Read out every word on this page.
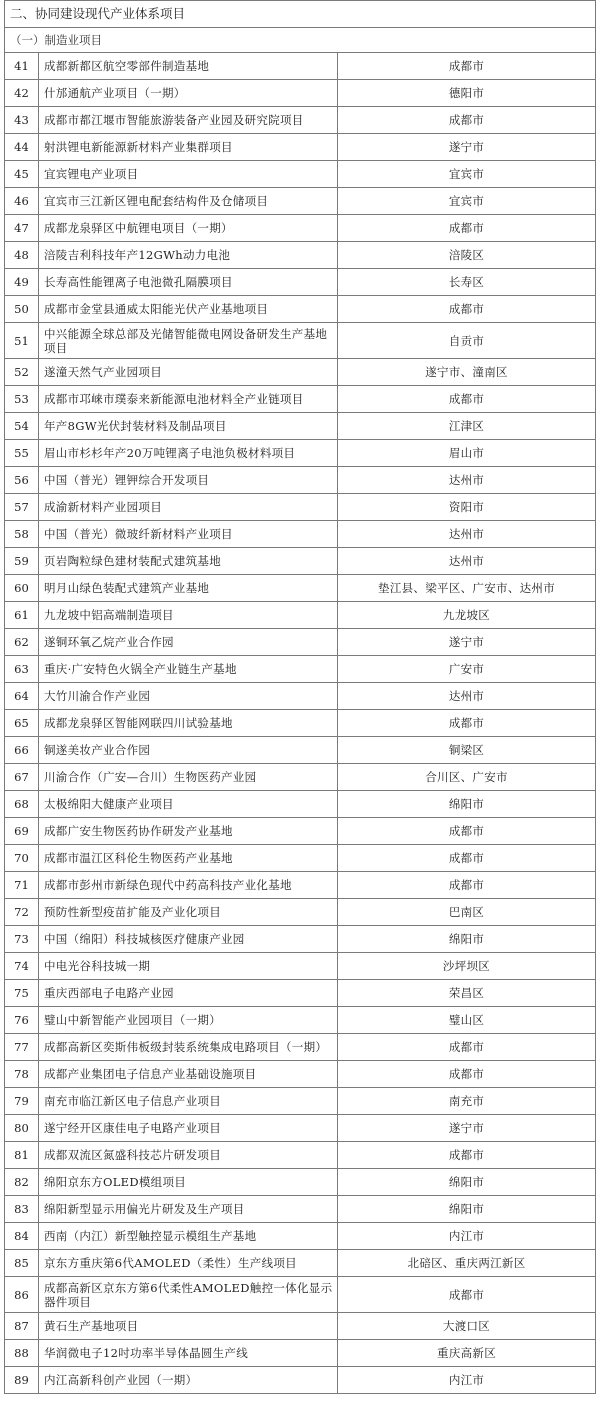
二、协同建设现代产业体系项目		
（一）制造业项目		
41	成都新都区航空零部件制造基地	成都市
42	什邡通航产业项目（一期）	德阳市
43	成都市都江堰市智能旅游装备产业园及研究院项目	成都市
44	射洪锂电新能源新材料产业集群项目	遂宁市
45	宜宾锂电产业项目	宜宾市
46	宜宾市三江新区锂电配套结构件及仓储项目	宜宾市
47	成都龙泉驿区中航锂电项目（一期）	成都市
48	涪陵吉利科技年产12GWh动力电池	涪陵区
49	长寿高性能锂离子电池微孔隔膜项目	长寿区
50	成都市金堂县通威太阳能光伏产业基地项目	成都市
51	中兴能源全球总部及光储智能微电网设备研发生产基地项目	自贡市
52	遂潼天然气产业园项目	遂宁市、潼南区
53	成都市邛崃市璞泰来新能源电池材料全产业链项目	成都市
54	年产8GW光伏封装材料及制品项目	江津区
55	眉山市杉杉年产20万吨锂离子电池负极材料项目	眉山市
56	中国（普光）锂钾综合开发项目	达州市
57	成渝新材料产业园项目	资阳市
58	中国（普光）微玻纤新材料产业项目	达州市
59	页岩陶粒绿色建材装配式建筑基地	达州市
60	明月山绿色装配式建筑产业基地	垫江县、梁平区、广安市、达州市
61	九龙坡中铝高端制造项目	九龙坡区
62	遂铜环氧乙烷产业合作园	遂宁市
63	重庆·广安特色火锅全产业链生产基地	广安市
64	大竹川渝合作产业园	达州市
65	成都龙泉驿区智能网联四川试验基地	成都市
66	铜遂美妆产业合作园	铜梁区
67	川渝合作（广安—合川）生物医药产业园	合川区、广安市
68	太极绵阳大健康产业项目	绵阳市
69	成都广安生物医药协作研发产业基地	成都市
70	成都市温江区科伦生物医药产业基地	成都市
71	成都市彭州市新绿色现代中药高科技产业化基地	成都市
72	预防性新型疫苗扩能及产业化项目	巴南区
73	中国（绵阳）科技城核医疗健康产业园	绵阳市
74	中电光谷科技城一期	沙坪坝区
75	重庆西部电子电路产业园	荣昌区
76	璧山中新智能产业园项目（一期）	璧山区
77	成都高新区奕斯伟板级封装系统集成电路项目（一期）	成都市
78	成都产业集团电子信息产业基础设施项目	成都市
79	南充市临江新区电子信息产业项目	南充市
80	遂宁经开区康佳电子电路产业项目	遂宁市
81	成都双流区氮盛科技芯片研发项目	成都市
82	绵阳京东方OLED模组项目	绵阳市
83	绵阳新型显示用偏光片研发及生产项目	绵阳市
84	西南（内江）新型触控显示模组生产基地	内江市
85	京东方重庆第6代AMOLED（柔性）生产线项目	北碚区、重庆两江新区
86	成都高新区京东方第6代柔性AMOLED触控一体化显示器件项目	成都市
87	黄石生产基地项目	大渡口区
88	华润微电子12吋功率半导体晶圆生产线	重庆高新区
89	内江高新科创产业园（一期）	内江市
